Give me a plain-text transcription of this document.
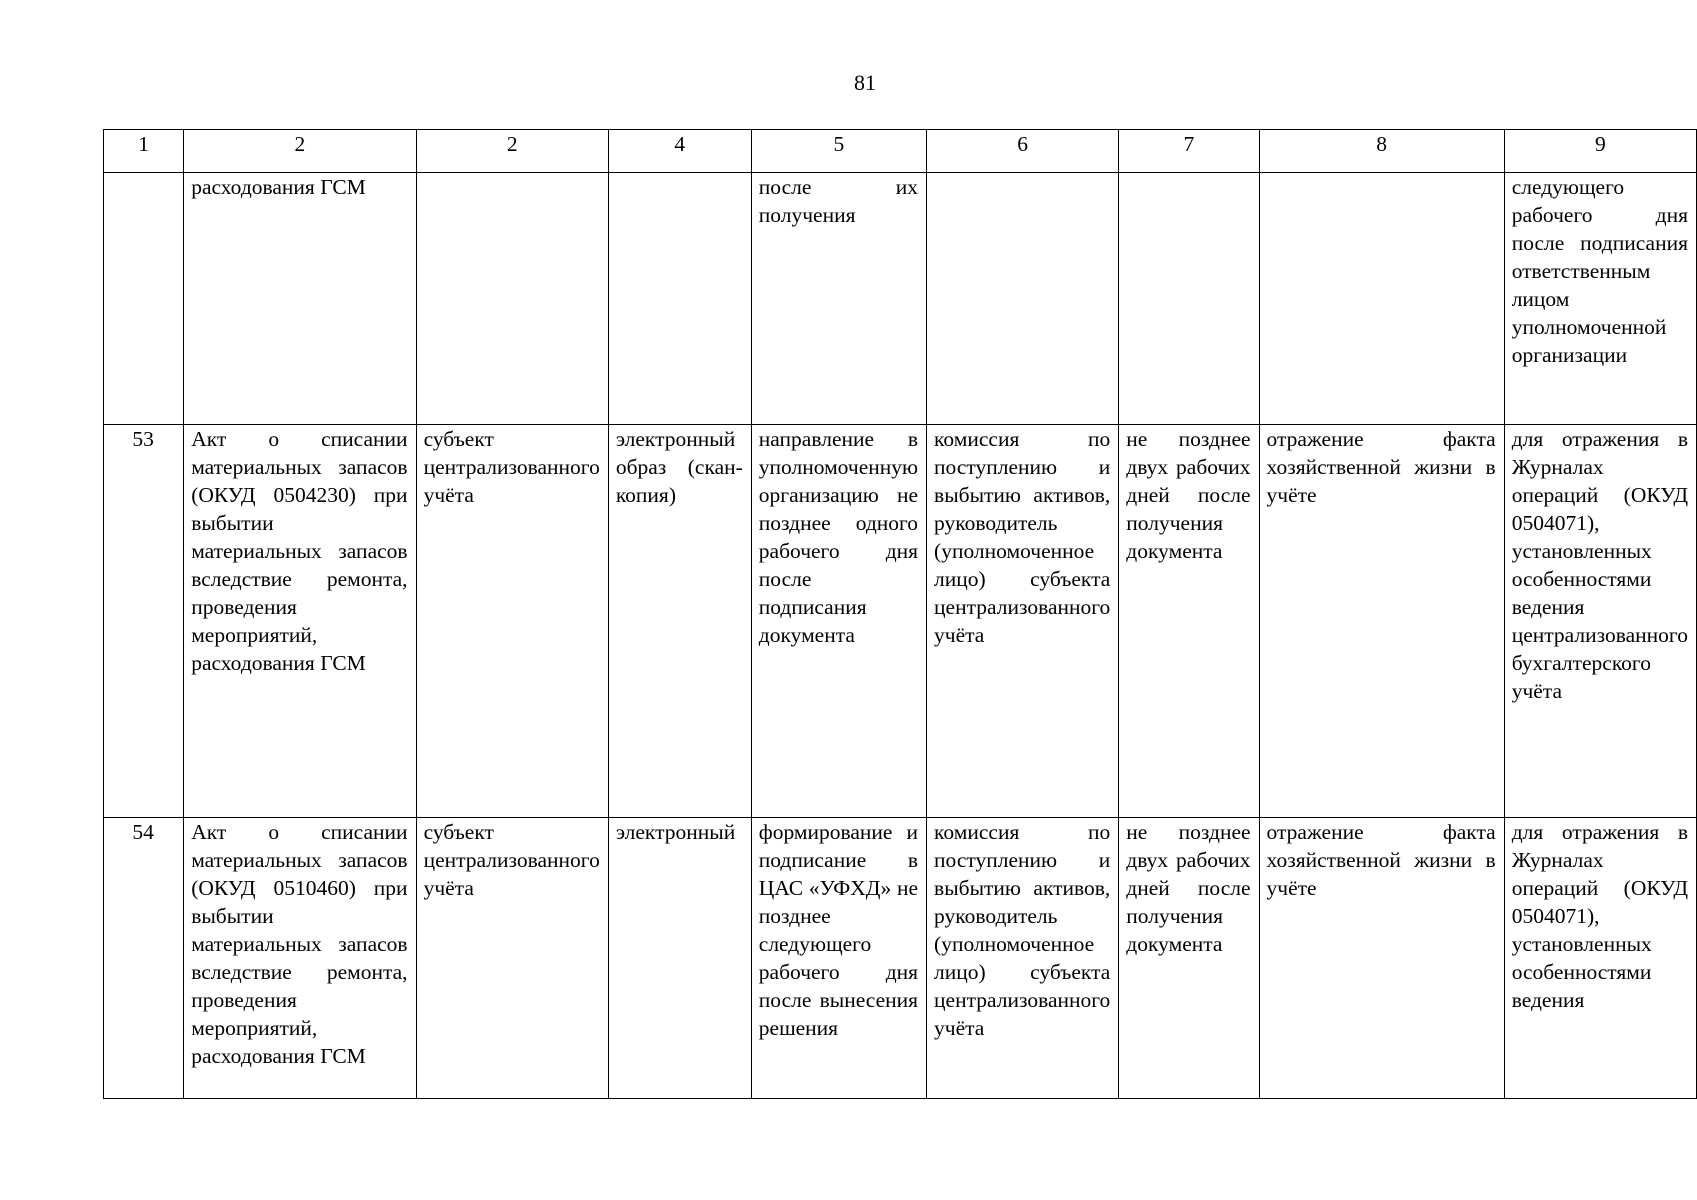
81
1	2	2	4	5	6	7	8	9
	расходования ГСМ			после их получения				следующего рабочего дня после подписания ответственным лицом уполномоченной организации
53	Акт о списании материальных запасов (ОКУД 0504230) при выбытии материальных запасов вследствие ремонта, проведения мероприятий, расходования ГСМ	субъект централизованного учёта	электронный образ (скан-копия)	направление в уполномоченную организацию не позднее одного рабочего дня после подписания документа	комиссия по поступлению и выбытию активов, руководитель (уполномоченное лицо) субъекта централизованного учёта	не позднее двух рабочих дней после получения документа	отражение факта хозяйственной жизни в учёте	для отражения в Журналах операций (ОКУД 0504071), установленных особенностями ведения централизованного бухгалтерского учёта
54	Акт о списании материальных запасов (ОКУД 0510460) при выбытии материальных запасов вследствие ремонта, проведения мероприятий, расходования ГСМ	субъект централизованного учёта	электронный	формирование и подписание в ЦАС «УФХД» не позднее следующего рабочего дня после вынесения решения	комиссия по поступлению и выбытию активов, руководитель (уполномоченное лицо) субъекта централизованного учёта	не позднее двух рабочих дней после получения документа	отражение факта хозяйственной жизни в учёте	для отражения в Журналах операций (ОКУД 0504071), установленных особенностями ведения
